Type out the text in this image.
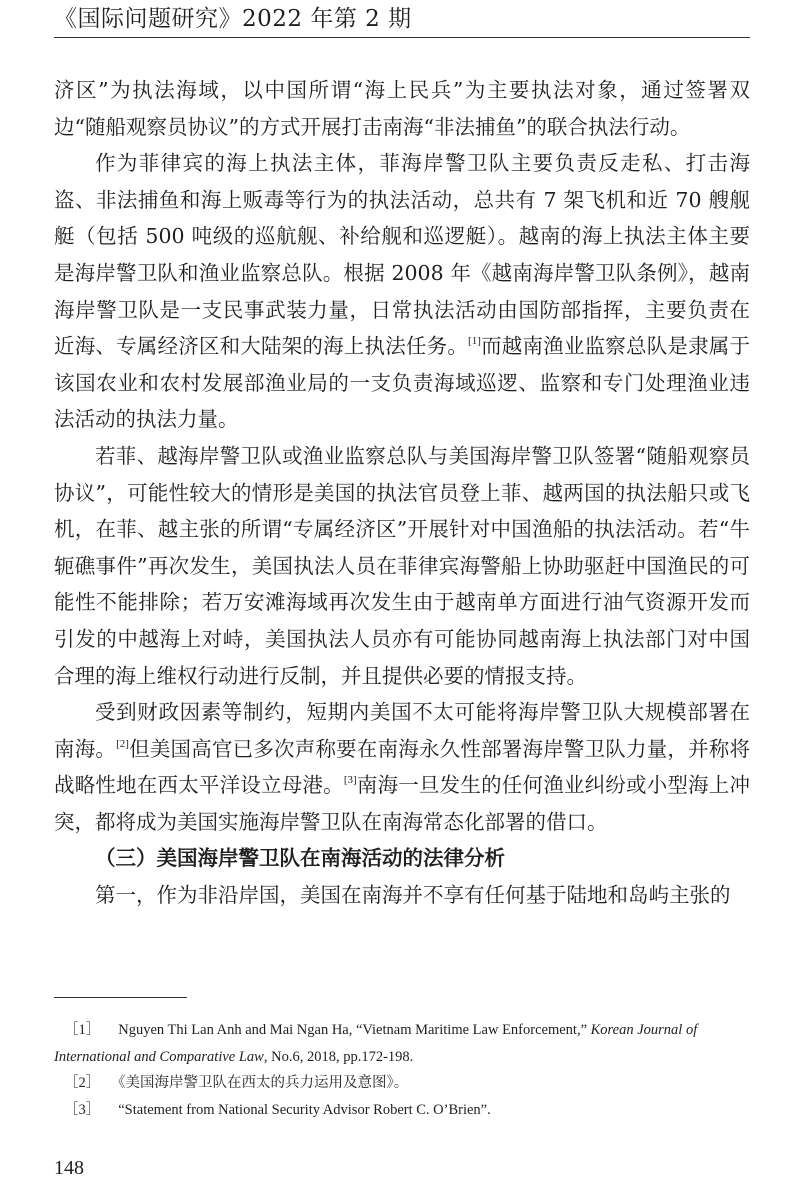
《国际问题研究》2022 年第 2 期

济区”为执法海域，以中国所谓“海上民兵”为主要执法对象，通过签署双边“随船观察员协议”的方式开展打击南海“非法捕鱼”的联合执法行动。

作为菲律宾的海上执法主体，菲海岸警卫队主要负责反走私、打击海盗、非法捕鱼和海上贩毒等行为的执法活动，总共有 7 架飞机和近 70 艘舰艇（包括 500 吨级的巡航舰、补给舰和巡逻艇）。越南的海上执法主体主要是海岸警卫队和渔业监察总队。根据 2008 年《越南海岸警卫队条例》，越南海岸警卫队是一支民事武装力量，日常执法活动由国防部指挥，主要负责在近海、专属经济区和大陆架的海上执法任务。[1]而越南渔业监察总队是隶属于该国农业和农村发展部渔业局的一支负责海域巡逻、监察和专门处理渔业违法活动的执法力量。

若菲、越海岸警卫队或渔业监察总队与美国海岸警卫队签署“随船观察员协议”，可能性较大的情形是美国的执法官员登上菲、越两国的执法船只或飞机，在菲、越主张的所谓“专属经济区”开展针对中国渔船的执法活动。若“牛轭礁事件”再次发生，美国执法人员在菲律宾海警船上协助驱赶中国渔民的可能性不能排除；若万安滩海域再次发生由于越南单方面进行油气资源开发而引发的中越海上对峙，美国执法人员亦有可能协同越南海上执法部门对中国合理的海上维权行动进行反制，并且提供必要的情报支持。

受到财政因素等制约，短期内美国不太可能将海岸警卫队大规模部署在南海。[2]但美国高官已多次声称要在南海永久性部署海岸警卫队力量，并称将战略性地在西太平洋设立母港。[3]南海一旦发生的任何渔业纠纷或小型海上冲突，都将成为美国实施海岸警卫队在南海常态化部署的借口。

（三）美国海岸警卫队在南海活动的法律分析

第一，作为非沿岸国，美国在南海并不享有任何基于陆地和岛屿主张的

［1］ Nguyen Thi Lan Anh and Mai Ngan Ha, “Vietnam Maritime Law Enforcement,” Korean Journal of International and Comparative Law, No.6, 2018, pp.172-198.
［2］ 《美国海岸警卫队在西太的兵力运用及意图》。
［3］ “Statement from National Security Advisor Robert C. O’Brien”.
148
